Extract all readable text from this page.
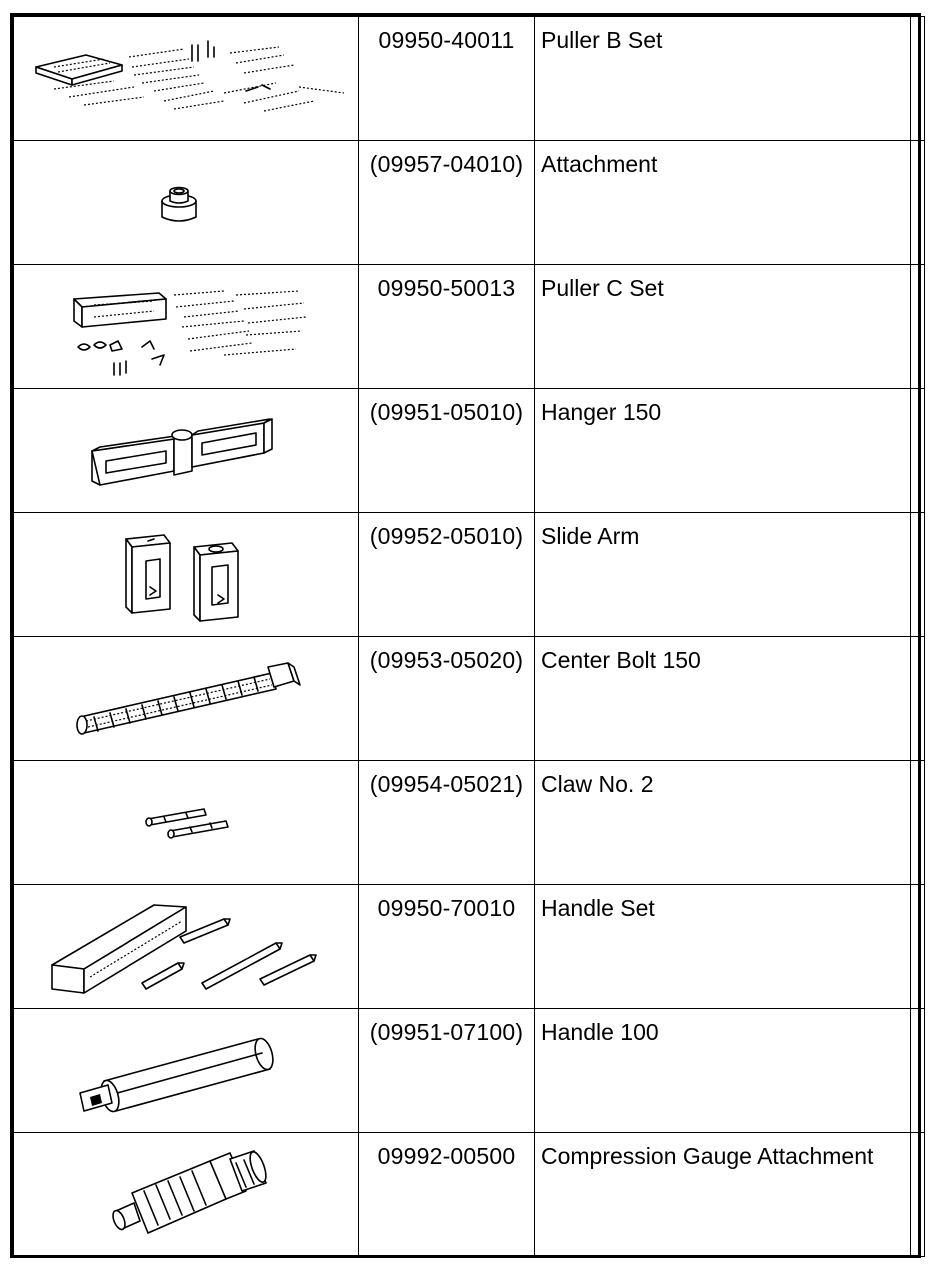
	09950-40011	Puller B Set	

	(09957-04010)	Attachment	

	09950-50013	Puller C Set	

	(09951-05010)	Hanger 150	

	(09952-05010)	Slide Arm	

	(09953-05020)	Center Bolt 150	

	(09954-05021)	Claw No. 2	

	09950-70010	Handle Set	

	(09951-07100)	Handle 100	

	09992-00500	Compression Gauge Attachment	
